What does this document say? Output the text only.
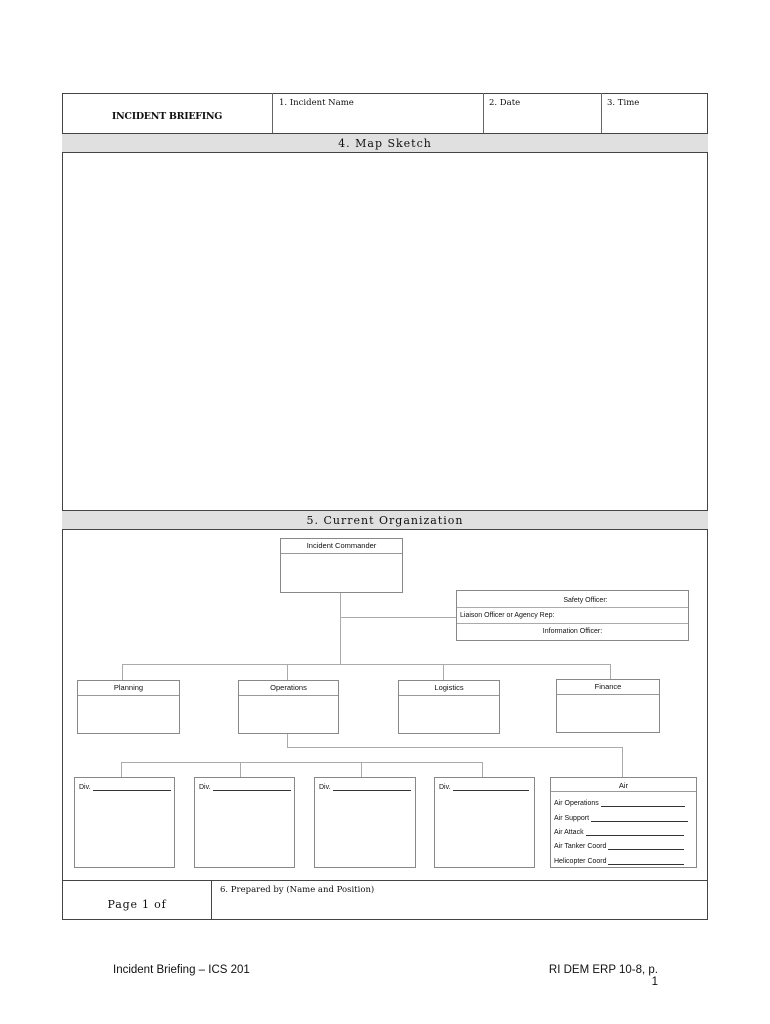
INCIDENT BRIEFING
1. Incident Name	2. Date	3. Time
4. Map Sketch
5. Current Organization
Incident Commander
Safety Officer:
Liaison Officer or Agency Rep:
Information Officer:
Planning	Operations	Logistics	Finance
Div.	Div.	Div.	Div.	Air
Air Operations
Air Support
Air Attack
Air Tanker Coord
Helicopter Coord
Page 1 of
6. Prepared by (Name and Position)
Incident Briefing – ICS 201	RI DEM ERP 10-8, p. 1
